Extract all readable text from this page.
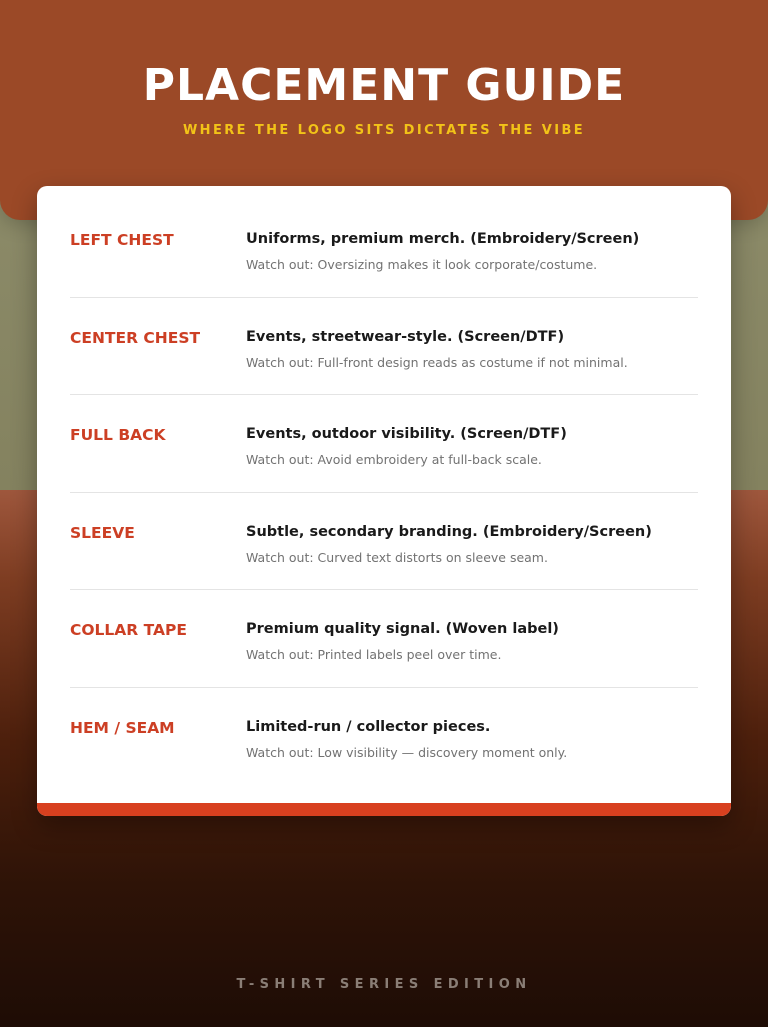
PLACEMENT GUIDE
WHERE THE LOGO SITS DICTATES THE VIBE
LEFT CHEST	Uniforms, premium merch. (Embroidery/Screen)
Watch out: Oversizing makes it look corporate/costume.
CENTER CHEST	Events, streetwear-style. (Screen/DTF)
Watch out: Full-front design reads as costume if not minimal.
FULL BACK	Events, outdoor visibility. (Screen/DTF)
Watch out: Avoid embroidery at full-back scale.
SLEEVE	Subtle, secondary branding. (Embroidery/Screen)
Watch out: Curved text distorts on sleeve seam.
COLLAR TAPE	Premium quality signal. (Woven label)
Watch out: Printed labels peel over time.
HEM / SEAM	Limited-run / collector pieces.
Watch out: Low visibility — discovery moment only.
T-SHIRT SERIES EDITION
